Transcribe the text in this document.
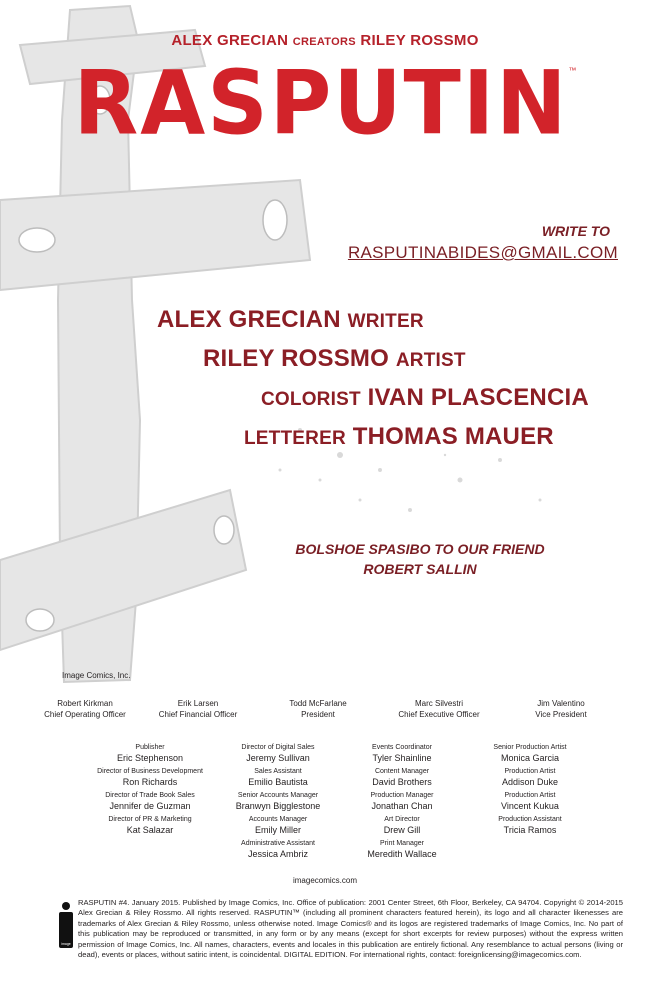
ALEX GRECIAN CREATORS RILEY ROSSMO
RASPUTIN™
WRITE TO
RASPUTINABIDES@GMAIL.COM
ALEX GRECIAN WRITER
RILEY ROSSMO ARTIST
COLORIST IVAN PLASCENCIA
LETTERER THOMAS MAUER
BOLSHOE SPASIBO TO OUR FRIEND
ROBERT SALLIN
Image Comics, Inc.
Robert Kirkman
Chief Operating Officer
Erik Larsen
Chief Financial Officer
Todd McFarlane
President
Marc Silvestri
Chief Executive Officer
Jim Valentino
Vice President
Publisher
Eric Stephenson
Director of Business Development
Ron Richards
Director of Trade Book Sales
Jennifer de Guzman
Director of PR & Marketing
Kat Salazar
Director of Digital Sales
Jeremy Sullivan
Sales Assistant
Emilio Bautista
Senior Accounts Manager
Branwyn Bigglestone
Accounts Manager
Emily Miller
Administrative Assistant
Jessica Ambriz
Events Coordinator
Tyler Shainline
Content Manager
David Brothers
Production Manager
Jonathan Chan
Art Director
Drew Gill
Print Manager
Meredith Wallace
Senior Production Artist
Monica Garcia
Production Artist
Addison Duke
Production Artist
Vincent Kukua
Production Assistant
Tricia Ramos
imagecomics.com
image
RASPUTIN #4. January 2015. Published by Image Comics, Inc. Office of publication: 2001 Center Street, 6th Floor, Berkeley, CA 94704. Copyright © 2014-2015 Alex Grecian & Riley Rossmo. All rights reserved. RASPUTIN™ (including all prominent characters featured herein), its logo and all character likenesses are trademarks of Alex Grecian & Riley Rossmo, unless otherwise noted. Image Comics® and its logos are registered trademarks of Image Comics, Inc. No part of this publication may be reproduced or transmitted, in any form or by any means (except for short excerpts for review purposes) without the express written permission of Image Comics, Inc. All names, characters, events and locales in this publication are entirely fictional. Any resemblance to actual persons (living or dead), events or places, without satiric intent, is coincidental. DIGITAL EDITION. For international rights, contact: foreignlicensing@imagecomics.com.
